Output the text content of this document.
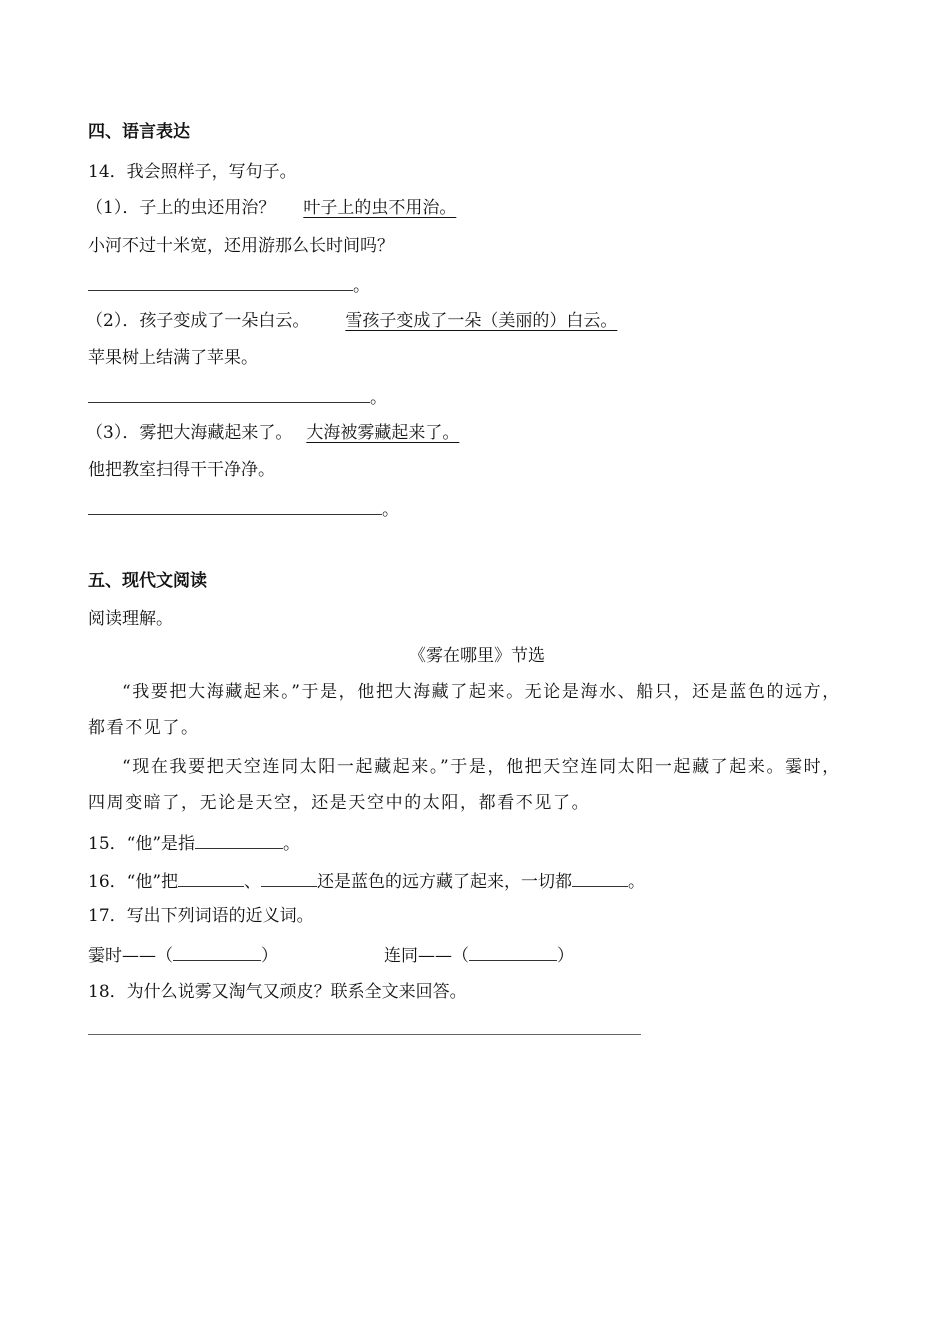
四、语言表达
14．我会照样子，写句子。
（1）．子上的虫还用治？ 叶子上的虫不用治。
小河不过十米宽，还用游那么长时间吗？
。
（2）．孩子变成了一朵白云。 雪孩子变成了一朵（美丽的）白云。
苹果树上结满了苹果。
。
（3）．雾把大海藏起来了。 大海被雾藏起来了。
他把教室扫得干干净净。
。
五、现代文阅读
阅读理解。
《雾在哪里》节选
“我要把大海藏起来。”于是，他把大海藏了起来。无论是海水、船只，还是蓝色的远方，都看不见了。
“现在我要把天空连同太阳一起藏起来。”于是，他把天空连同太阳一起藏了起来。霎时，四周变暗了，无论是天空，还是天空中的太阳，都看不见了。
15．“他”是指	。
16．“他”把	、	还是蓝色的远方藏了起来，一切都	。
17．写出下列词语的近义词。
霎时——（	）	连同——（	）
18．为什么说雾又淘气又顽皮？联系全文来回答。
